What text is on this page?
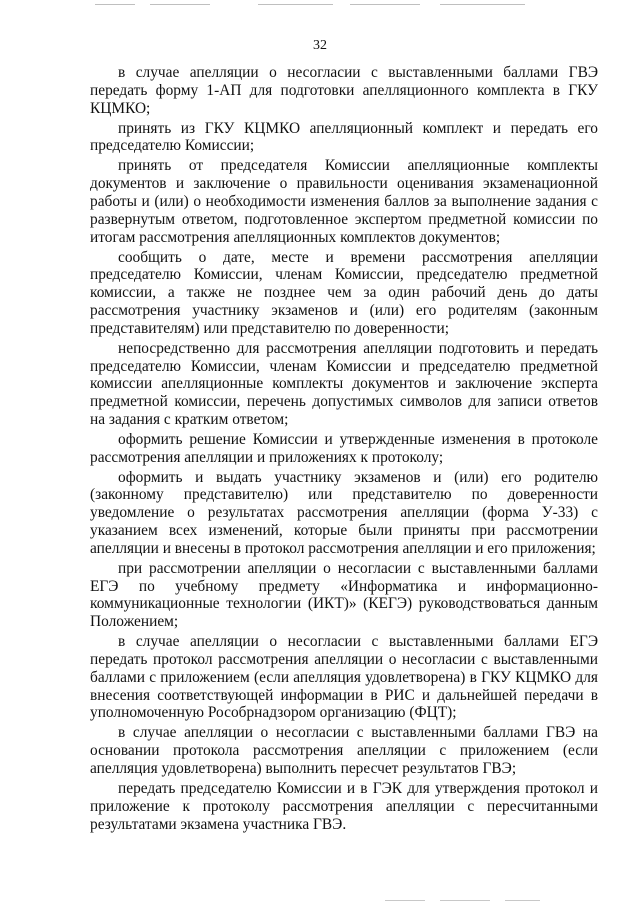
32

в случае апелляции о несогласии с выставленными баллами ГВЭ передать форму 1-АП для подготовки апелляционного комплекта в ГКУ КЦМКО;

принять из ГКУ КЦМКО апелляционный комплект и передать его председателю Комиссии;

принять от председателя Комиссии апелляционные комплекты документов и заключение о правильности оценивания экзаменационной работы и (или) о необходимости изменения баллов за выполнение задания с развернутым ответом, подготовленное экспертом предметной комиссии по итогам рассмотрения апелляционных комплектов документов;

сообщить о дате, месте и времени рассмотрения апелляции председателю Комиссии, членам Комиссии, председателю предметной комиссии, а также не позднее чем за один рабочий день до даты рассмотрения участнику экзаменов и (или) его родителям (законным представителям) или представителю по доверенности;

непосредственно для рассмотрения апелляции подготовить и передать председателю Комиссии, членам Комиссии и председателю предметной комиссии апелляционные комплекты документов и заключение эксперта предметной комиссии, перечень допустимых символов для записи ответов на задания с кратким ответом;

оформить решение Комиссии и утвержденные изменения в протоколе рассмотрения апелляции и приложениях к протоколу;

оформить и выдать участнику экзаменов и (или) его родителю (законному представителю) или представителю по доверенности уведомление о результатах рассмотрения апелляции (форма У-33) с указанием всех изменений, которые были приняты при рассмотрении апелляции и внесены в протокол рассмотрения апелляции и его приложения;

при рассмотрении апелляции о несогласии с выставленными баллами ЕГЭ по учебному предмету «Информатика и информационно-коммуникационные технологии (ИКТ)» (КЕГЭ) руководствоваться данным Положением;

в случае апелляции о несогласии с выставленными баллами ЕГЭ передать протокол рассмотрения апелляции о несогласии с выставленными баллами с приложением (если апелляция удовлетворена) в ГКУ КЦМКО для внесения соответствующей информации в РИС и дальнейшей передачи в уполномоченную Рособрнадзором организацию (ФЦТ);

в случае апелляции о несогласии с выставленными баллами ГВЭ на основании протокола рассмотрения апелляции с приложением (если апелляция удовлетворена) выполнить пересчет результатов ГВЭ;

передать председателю Комиссии и в ГЭК для утверждения протокол и приложение к протоколу рассмотрения апелляции с пересчитанными результатами экзамена участника ГВЭ.
